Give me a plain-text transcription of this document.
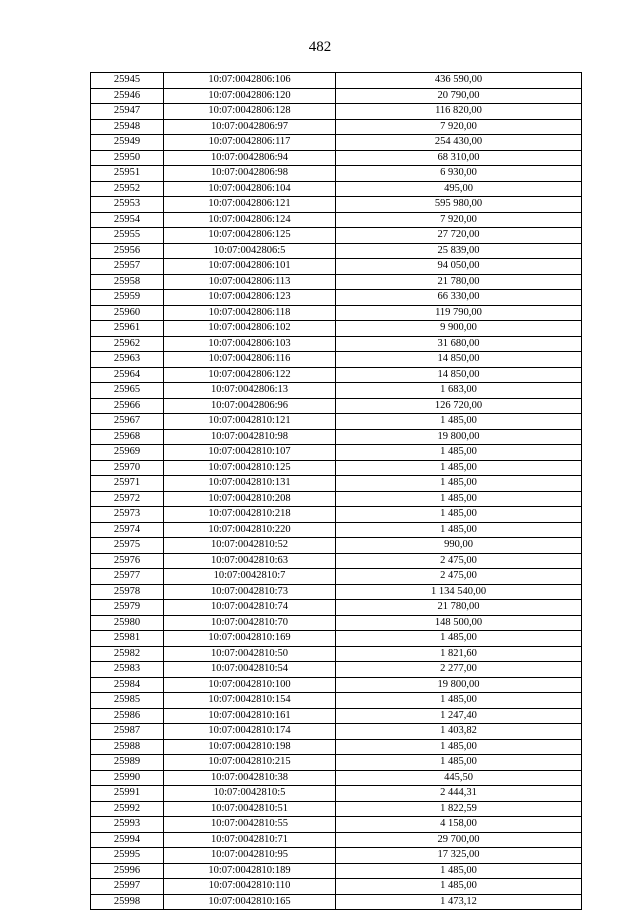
482
25945	10:07:0042806:106	436 590,00
25946	10:07:0042806:120	20 790,00
25947	10:07:0042806:128	116 820,00
25948	10:07:0042806:97	7 920,00
25949	10:07:0042806:117	254 430,00
25950	10:07:0042806:94	68 310,00
25951	10:07:0042806:98	6 930,00
25952	10:07:0042806:104	495,00
25953	10:07:0042806:121	595 980,00
25954	10:07:0042806:124	7 920,00
25955	10:07:0042806:125	27 720,00
25956	10:07:0042806:5	25 839,00
25957	10:07:0042806:101	94 050,00
25958	10:07:0042806:113	21 780,00
25959	10:07:0042806:123	66 330,00
25960	10:07:0042806:118	119 790,00
25961	10:07:0042806:102	9 900,00
25962	10:07:0042806:103	31 680,00
25963	10:07:0042806:116	14 850,00
25964	10:07:0042806:122	14 850,00
25965	10:07:0042806:13	1 683,00
25966	10:07:0042806:96	126 720,00
25967	10:07:0042810:121	1 485,00
25968	10:07:0042810:98	19 800,00
25969	10:07:0042810:107	1 485,00
25970	10:07:0042810:125	1 485,00
25971	10:07:0042810:131	1 485,00
25972	10:07:0042810:208	1 485,00
25973	10:07:0042810:218	1 485,00
25974	10:07:0042810:220	1 485,00
25975	10:07:0042810:52	990,00
25976	10:07:0042810:63	2 475,00
25977	10:07:0042810:7	2 475,00
25978	10:07:0042810:73	1 134 540,00
25979	10:07:0042810:74	21 780,00
25980	10:07:0042810:70	148 500,00
25981	10:07:0042810:169	1 485,00
25982	10:07:0042810:50	1 821,60
25983	10:07:0042810:54	2 277,00
25984	10:07:0042810:100	19 800,00
25985	10:07:0042810:154	1 485,00
25986	10:07:0042810:161	1 247,40
25987	10:07:0042810:174	1 403,82
25988	10:07:0042810:198	1 485,00
25989	10:07:0042810:215	1 485,00
25990	10:07:0042810:38	445,50
25991	10:07:0042810:5	2 444,31
25992	10:07:0042810:51	1 822,59
25993	10:07:0042810:55	4 158,00
25994	10:07:0042810:71	29 700,00
25995	10:07:0042810:95	17 325,00
25996	10:07:0042810:189	1 485,00
25997	10:07:0042810:110	1 485,00
25998	10:07:0042810:165	1 473,12
